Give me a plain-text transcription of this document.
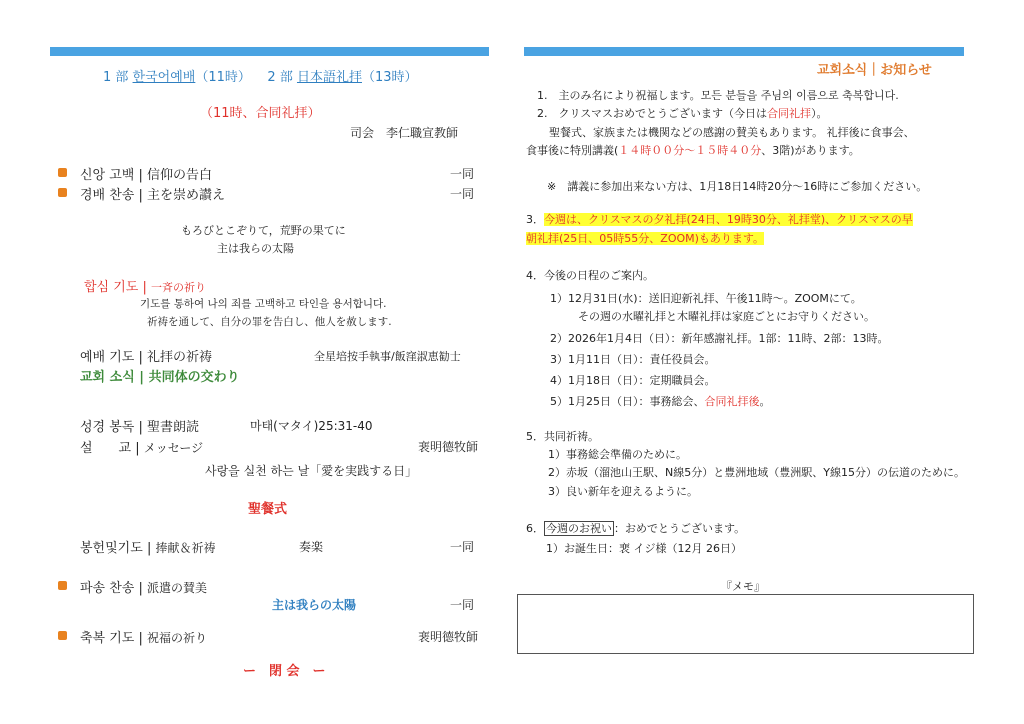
1 部 한국어예배（11時） 2 部 日本語礼拝（13時）
（11時、合同礼拝）
司会　李仁職宣教師
신앙 고백 | 信仰の告白	一同
경배 찬송 | 主を崇め讃え	一同
もろびとこぞりて，荒野の果てに
主は我らの太陽
합심 기도 | 一斉の祈り
기도를 통하여 나의 죄를 고백하고 타인을 용서합니다.
祈祷を通して、自分の罪を告白し、他人を赦します.
예배 기도 | 礼拝の祈祷	全星培按手執事/飯窪淑恵勧士
교회 소식 | 共同体の交わり
성경 봉독 | 聖書朗読	마태(マタイ)25:31-40
설　　교 | メッセージ	裵明德牧師
사랑을 실천 하는 날「愛を実践する日」
聖餐式
봉헌및기도 | 捧献＆祈祷	奏楽	一同
파송 찬송 | 派遣の賛美
主は我らの太陽	一同
축복 기도 | 祝福の祈り	裵明德牧師
ー　閉 会　ー
교회소식｜お知らせ
1.　主のみ名により祝福します。모든 분들을 주님의 이름으로 축복합니다.
2.　クリスマスおめでとうございます（今日は合同礼拝）。
聖餐式、家族または機関などの感謝の賛美もあります。 礼拝後に食事会、
食事後に特別講義(１４時００分～１５時４０分、3階)があります。
※　講義に参加出来ない方は、1月18日14時20分～16時にご参加ください。
3．今週は、クリスマスの夕礼拝(24日、19時30分、礼拝堂)、クリスマスの早
朝礼拝(25日、05時55分、ZOOM)もあります。
4．今後の日程のご案内。
1）12月31日(水)：送旧迎新礼拝、午後11時～。ZOOMにて。
その週の水曜礼拝と木曜礼拝は家庭ごとにお守りください。
2）2026年1月4日（日）：新年感謝礼拝。1部：11時、2部：13時。
3）1月11日（日）：責任役員会。
4）1月18日（日）：定期職員会。
5）1月25日（日）：事務総会、合同礼拝後。
5．共同祈祷。
1）事務総会準備のために。
2）赤坂（溜池山王駅、N線5分）と豊洲地域（豊洲駅、Y線15分）の伝道のために。
3）良い新年を迎えるように。
6． 今週のお祝い ：おめでとうございます。
1）お誕生日：裵 イジ様（12月 26日）
『メモ』
